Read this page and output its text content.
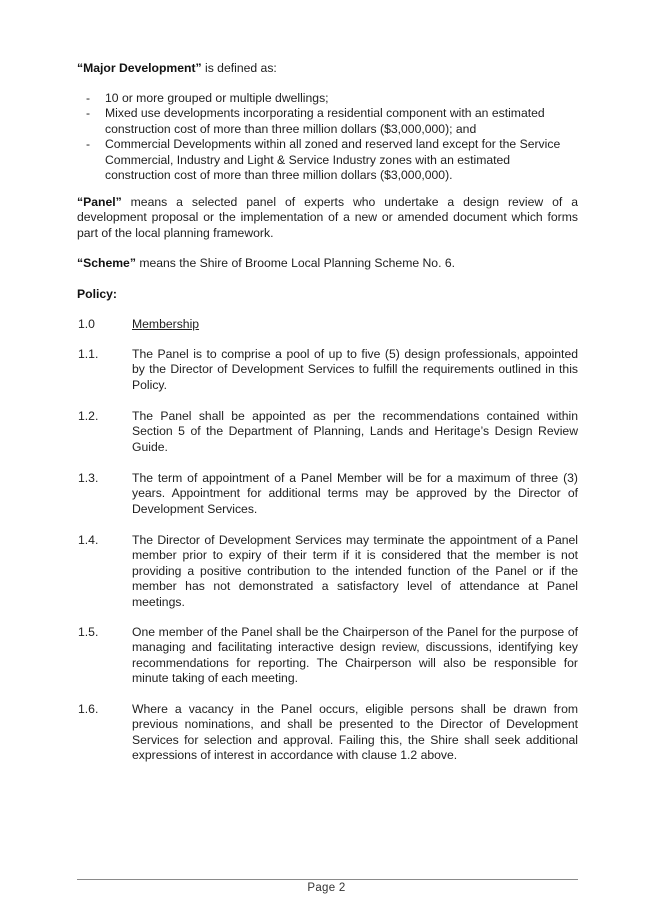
“Major Development” is defined as:
- 10 or more grouped or multiple dwellings;
- Mixed use developments incorporating a residential component with an estimated construction cost of more than three million dollars ($3,000,000); and
- Commercial Developments within all zoned and reserved land except for the Service Commercial, Industry and Light & Service Industry zones with an estimated construction cost of more than three million dollars ($3,000,000).
“Panel” means a selected panel of experts who undertake a design review of a development proposal or the implementation of a new or amended document which forms part of the local planning framework.
“Scheme” means the Shire of Broome Local Planning Scheme No. 6.
Policy:
1.0	Membership
1.1.	The Panel is to comprise a pool of up to five (5) design professionals, appointed by the Director of Development Services to fulfill the requirements outlined in this Policy.
1.2.	The Panel shall be appointed as per the recommendations contained within Section 5 of the Department of Planning, Lands and Heritage’s Design Review Guide.
1.3.	The term of appointment of a Panel Member will be for a maximum of three (3) years. Appointment for additional terms may be approved by the Director of Development Services.
1.4.	The Director of Development Services may terminate the appointment of a Panel member prior to expiry of their term if it is considered that the member is not providing a positive contribution to the intended function of the Panel or if the member has not demonstrated a satisfactory level of attendance at Panel meetings.
1.5.	One member of the Panel shall be the Chairperson of the Panel for the purpose of managing and facilitating interactive design review, discussions, identifying key recommendations for reporting. The Chairperson will also be responsible for minute taking of each meeting.
1.6.	Where a vacancy in the Panel occurs, eligible persons shall be drawn from previous nominations, and shall be presented to the Director of Development Services for selection and approval. Failing this, the Shire shall seek additional expressions of interest in accordance with clause 1.2 above.
Page 2
